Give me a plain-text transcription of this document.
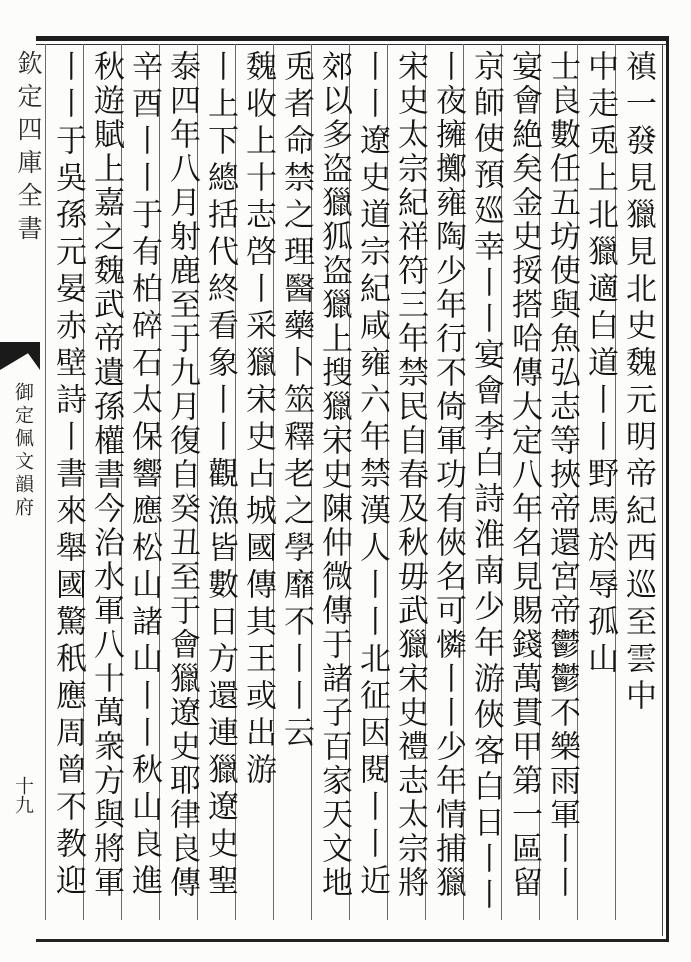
欽定四庫全書
御定佩文韻府
十九
禛一發見獵見北史魏元明帝紀西巡至雲中
中走兎上北獵適白道丨丨野馬於辱孤山
士良數任五坊使與魚弘志等挾帝還宮帝鬱鬱不樂雨軍丨丨
宴會絶矣金史挼搭哈傳大定八年名見賜錢萬貫甲第一區留
京師使預廵幸丨丨宴會李白詩淮南少年游俠客白日丨丨
丨夜擁擲雍陶少年行不倚軍功有俠名可憐丨丨少年情捕獵
宋史太宗紀祥符三年禁民自春及秋毋武獵宋史禮志太宗將
丨丨遼史道宗紀咸雍六年禁漢人丨丨北征因閱丨丨近
郊以多盗獵狐盗獵上搜獵宋史陳仲微傳于諸子百家天文地
兎者命禁之理醫藥卜筮釋老之學靡不丨丨云
魏收上十志啓丨采獵宋史占城國傳其王或出游
丨上下總括代終看象丨丨觀漁皆數日方還連獵遼史聖
泰四年八月射鹿至于九月復自癸丑至于會獵遼史耶律良傳
辛酉丨丨于有柏碎石太保響應松山諸山丨丨秋山良進
秋遊賦上嘉之魏武帝遺孫權書今治水軍八十萬衆方與將軍
丨丨于吳孫元晏赤壁詩丨書來舉國驚秖應周曾不教迎
